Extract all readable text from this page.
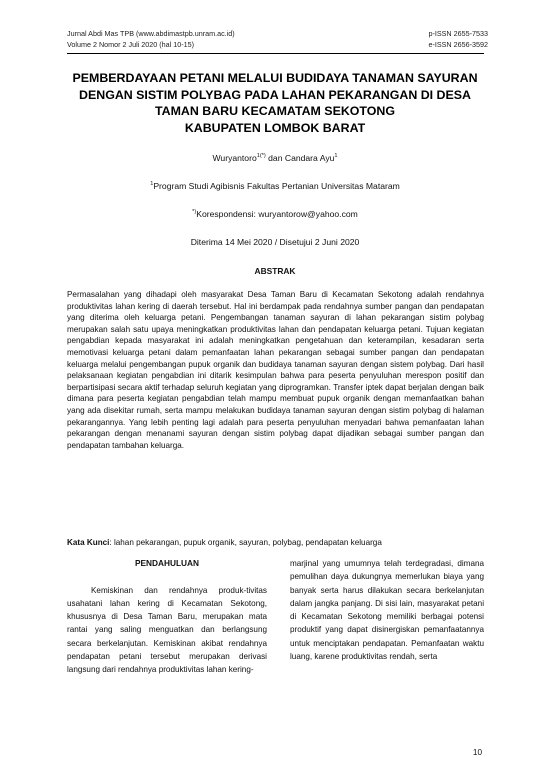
Jurnal Abdi Mas TPB (www.abdimastpb.unram.ac.id)
Volume 2 Nomor 2 Juli 2020 (hal 10-15)
p-ISSN 2655-7533
e-ISSN 2656-3592
PEMBERDAYAAN PETANI MELALUI BUDIDAYA TANAMAN SAYURAN
DENGAN SISTIM POLYBAG PADA LAHAN PEKARANGAN DI DESA
TAMAN BARU KECAMATAM SEKOTONG
KABUPATEN LOMBOK BARAT
Wuryantoro$^{1(*)}$ dan Candara Ayu$^1$
$^1$Program Studi Agibisnis Fakultas Pertanian Universitas Mataram
*)Korespondensi: wuryantorow@yahoo.com
Diterima 14 Mei 2020 / Disetujui 2 Juni 2020
ABSTRAK
Permasalahan yang dihadapi oleh masyarakat Desa Taman Baru di Kecamatan Sekotong adalah rendahnya produktivitas lahan kering di daerah tersebut. Hal ini berdampak pada rendahnya sumber pangan dan pendapatan yang diterima oleh keluarga petani. Pengembangan tanaman sayuran di lahan pekarangan sistim polybag merupakan salah satu upaya meningkatkan produktivitas lahan dan pendapatan keluarga petani. Tujuan kegiatan pengabdian kepada masyarakat ini adalah meningkatkan pengetahuan dan keterampilan, kesadaran serta memotivasi keluarga petani dalam pemanfaatan lahan pekarangan sebagai sumber pangan dan pendapatan keluarga melalui pengembangan pupuk organik dan budidaya tanaman sayuran dengan sistem polybag. Dari hasil pelaksanaan kegiatan pengabdian ini ditarik kesimpulan bahwa para peserta penyuluhan merespon positif dan berpartisipasi secara aktif terhadap seluruh kegiatan yang diprogramkan. Transfer iptek dapat berjalan dengan baik dimana para peserta kegiatan pengabdian telah mampu membuat pupuk organik dengan memanfaatkan bahan yang ada disekitar rumah, serta mampu melakukan budidaya tanaman sayuran dengan sistim polybag di halaman pekarangannya. Yang lebih penting lagi adalah para peserta penyuluhan menyadari bahwa pemanfaatan lahan pekarangan dengan menanami sayuran dengan sistim polybag dapat dijadikan sebagai sumber pangan dan pendapatan tambahan keluarga.
Kata Kunci: lahan pekarangan, pupuk organik, sayuran, polybag, pendapatan keluarga
PENDAHULUAN
Kemiskinan dan rendahnya produk-tivitas usahatani lahan kering di Kecamatan Sekotong, khususnya di Desa Taman Baru, merupakan mata rantai yang saling menguatkan dan berlangsung secara berkelanjutan. Kemiskinan akibat rendahnya pendapatan petani tersebut merupakan derivasi langsung dari rendahnya produktivitas lahan kering-
marjinal yang umumnya telah terdegradasi, dimana pemulihan daya dukungnya memerlukan biaya yang banyak serta harus dilakukan secara berkelanjutan dalam jangka panjang. Di sisi lain, masyarakat petani di Kecamatan Sekotong memiliki berbagai potensi produktif yang dapat disinergiskan pemanfaatannya untuk menciptakan pendapatan. Pemanfaatan waktu luang, karene produktivitas rendah, serta
10
